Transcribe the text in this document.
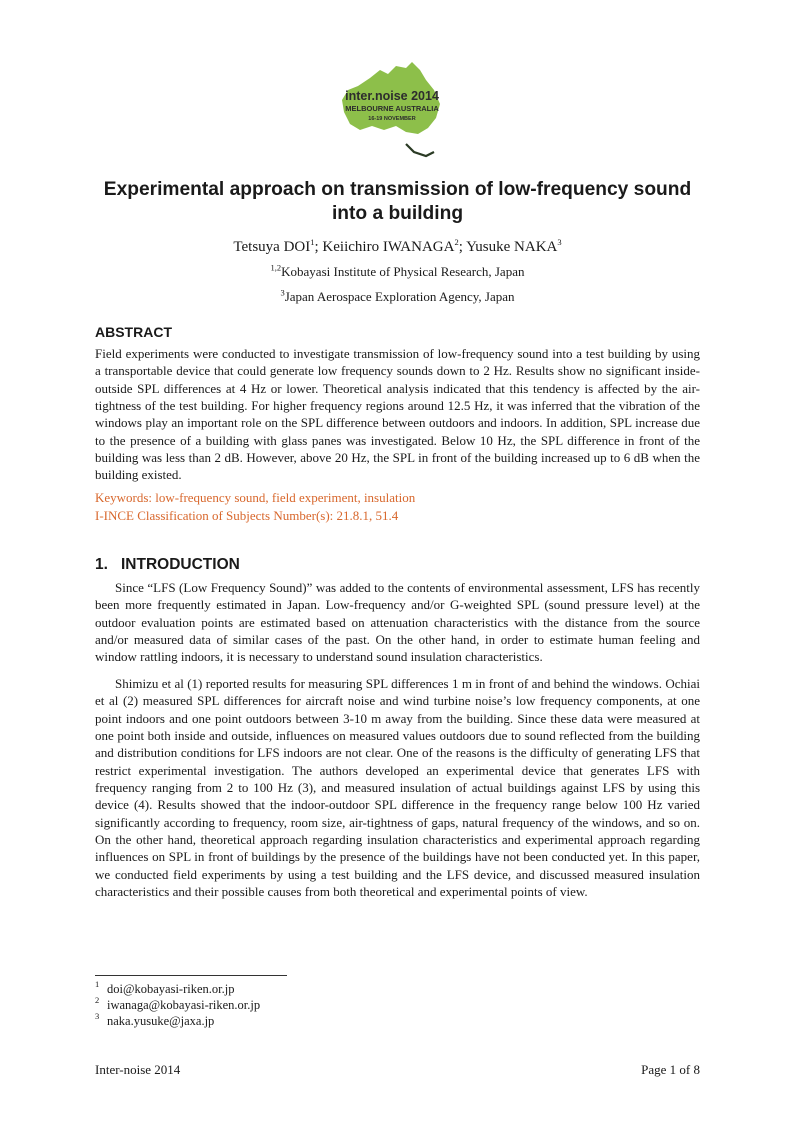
inter.noise 2014
MELBOURNE AUSTRALIA
16-19 NOVEMBER
Experimental approach on transmission of low-frequency sound
into a building
Tetsuya DOI$^1$; Keiichiro IWANAGA$^2$; Yusuke NAKA$^3$
$^{1,2}$Kobayasi Institute of Physical Research, Japan
$^3$Japan Aerospace Exploration Agency, Japan
ABSTRACT
Field experiments were conducted to investigate transmission of low-frequency sound into a test building by using a transportable device that could generate low frequency sounds down to 2 Hz. Results show no significant inside-outside SPL differences at 4 Hz or lower. Theoretical analysis indicated that this tendency is affected by the air-tightness of the test building. For higher frequency regions around 12.5 Hz, it was inferred that the vibration of the windows play an important role on the SPL difference between outdoors and indoors. In addition, SPL increase due to the presence of a building with glass panes was investigated. Below 10 Hz, the SPL difference in front of the building was less than 2 dB. However, above 20 Hz, the SPL in front of the building increased up to 6 dB when the building existed.
Keywords: low-frequency sound, field experiment, insulation
I-INCE Classification of Subjects Number(s): 21.8.1, 51.4
1. INTRODUCTION
Since “LFS (Low Frequency Sound)” was added to the contents of environmental assessment, LFS has recently been more frequently estimated in Japan. Low-frequency and/or G-weighted SPL (sound pressure level) at the outdoor evaluation points are estimated based on attenuation characteristics with the distance from the source and/or measured data of similar cases of the past. On the other hand, in order to estimate human feeling and window rattling indoors, it is necessary to understand sound insulation characteristics.
Shimizu et al (1) reported results for measuring SPL differences 1 m in front of and behind the windows. Ochiai et al (2) measured SPL differences for aircraft noise and wind turbine noise’s low frequency components, at one point indoors and one point outdoors between 3-10 m away from the building. Since these data were measured at one point both inside and outside, influences on measured values outdoors due to sound reflected from the building and distribution conditions for LFS indoors are not clear. One of the reasons is the difficulty of generating LFS that restrict experimental investigation. The authors developed an experimental device that generates LFS with frequency ranging from 2 to 100 Hz (3), and measured insulation of actual buildings against LFS by using this device (4). Results showed that the indoor-outdoor SPL difference in the frequency range below 100 Hz varied significantly according to frequency, room size, air-tightness of gaps, natural frequency of the windows, and so on. On the other hand, theoretical approach regarding insulation characteristics and experimental approach regarding influences on SPL in front of buildings by the presence of the buildings have not been conducted yet. In this paper, we conducted field experiments by using a test building and the LFS device, and discussed measured insulation characteristics and their possible causes from both theoretical and experimental points of view.
1 doi@kobayasi-riken.or.jp
2 iwanaga@kobayasi-riken.or.jp
3 naka.yusuke@jaxa.jp
Inter-noise 2014	Page 1 of 8
